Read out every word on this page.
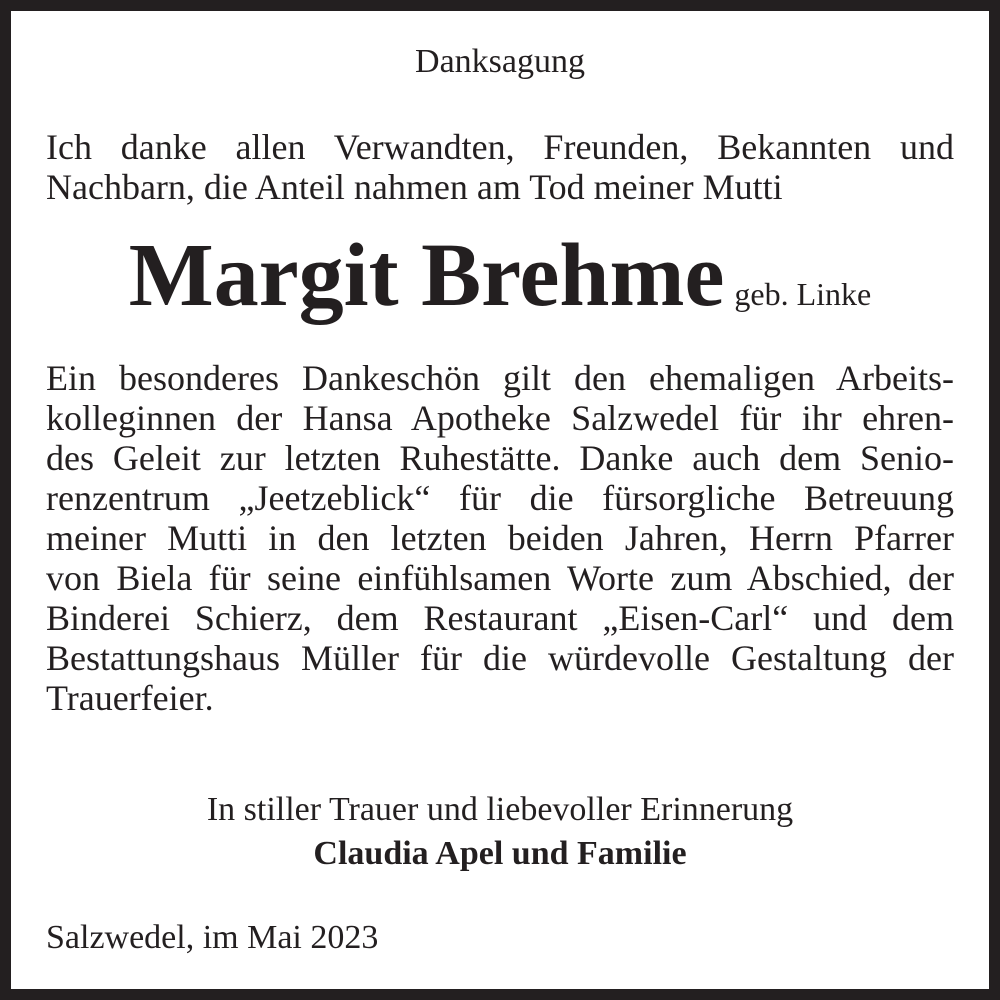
Danksagung
Ich danke allen Verwandten, Freunden, Bekannten und
Nachbarn, die Anteil nahmen am Tod meiner Mutti
Margit Brehme geb. Linke
Ein besonderes Dankeschön gilt den ehemaligen Arbeits-
kolleginnen der Hansa Apotheke Salzwedel für ihr ehren-
des Geleit zur letzten Ruhestätte. Danke auch dem Senio-
renzentrum „Jeetzeblick“ für die fürsorgliche Betreuung
meiner Mutti in den letzten beiden Jahren, Herrn Pfarrer
von Biela für seine einfühlsamen Worte zum Abschied, der
Binderei Schierz, dem Restaurant „Eisen-Carl“ und dem
Bestattungshaus Müller für die würdevolle Gestaltung der
Trauerfeier.
In stiller Trauer und liebevoller Erinnerung
Claudia Apel und Familie
Salzwedel, im Mai 2023
